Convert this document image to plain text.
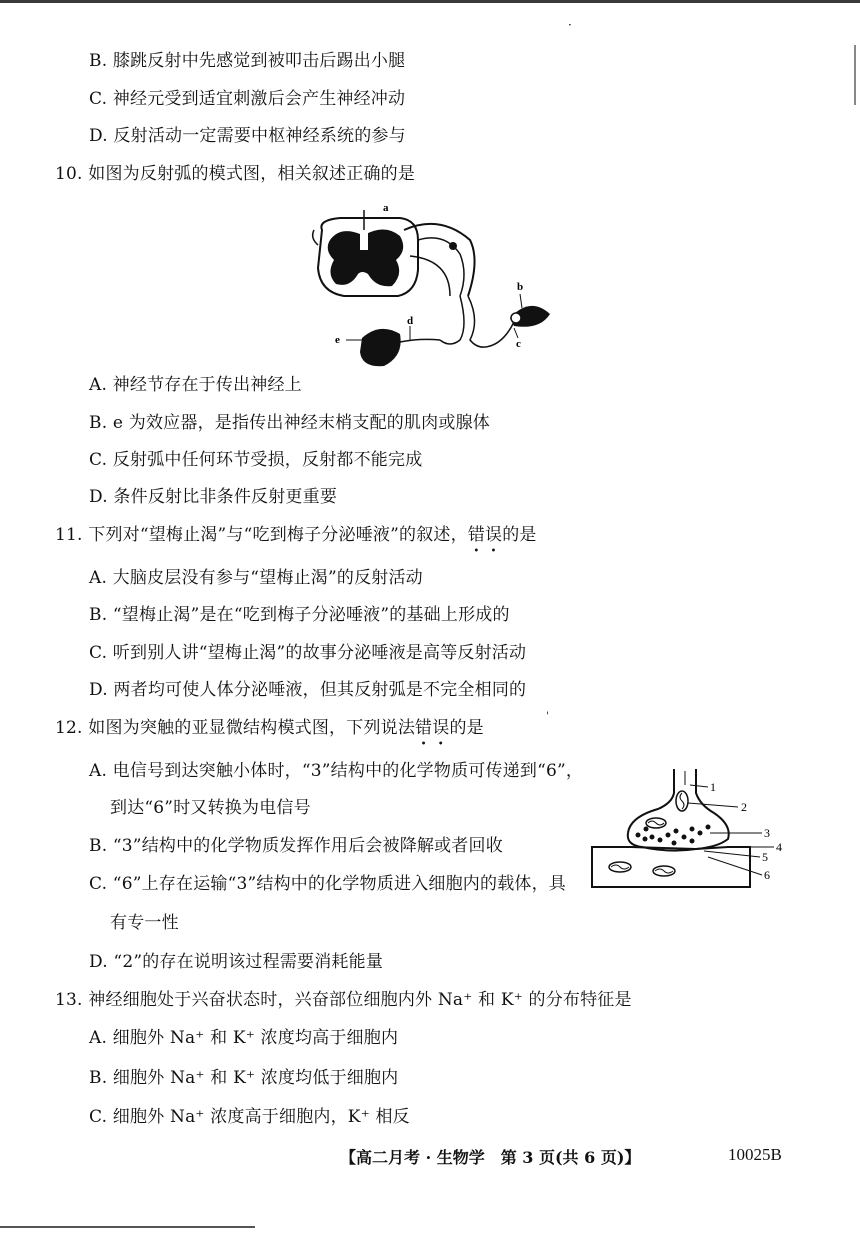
·
B. 膝跳反射中先感觉到被叩击后踢出小腿
C. 神经元受到适宜刺激后会产生神经冲动
D. 反射活动一定需要中枢神经系统的参与
10. 如图为反射弧的模式图，相关叙述正确的是
a
b
c
d
e
A. 神经节存在于传出神经上
B. e 为效应器，是指传出神经末梢支配的肌肉或腺体
C. 反射弧中任何环节受损，反射都不能完成
D. 条件反射比非条件反射更重要
11. 下列对“望梅止渴”与“吃到梅子分泌唾液”的叙述，错误的是
A. 大脑皮层没有参与“望梅止渴”的反射活动
B. “望梅止渴”是在“吃到梅子分泌唾液”的基础上形成的
C. 听到别人讲“望梅止渴”的故事分泌唾液是高等反射活动
D. 两者均可使人体分泌唾液，但其反射弧是不完全相同的
12. 如图为突触的亚显微结构模式图，下列说法错误的是
'
A. 电信号到达突触小体时，“3”结构中的化学物质可传递到“6”，
到达“6”时又转换为电信号
B. “3”结构中的化学物质发挥作用后会被降解或者回收
C. “6”上存在运输“3”结构中的化学物质进入细胞内的载体，具
有专一性
D. “2”的存在说明该过程需要消耗能量
1
2
3
4
5
6
13. 神经细胞处于兴奋状态时，兴奋部位细胞内外 Na⁺ 和 K⁺ 的分布特征是
A. 细胞外 Na⁺ 和 K⁺ 浓度均高于细胞内
B. 细胞外 Na⁺ 和 K⁺ 浓度均低于细胞内
C. 细胞外 Na⁺ 浓度高于细胞内，K⁺ 相反
【高二月考 · 生物学　第 3 页(共 6 页)】	10025B
